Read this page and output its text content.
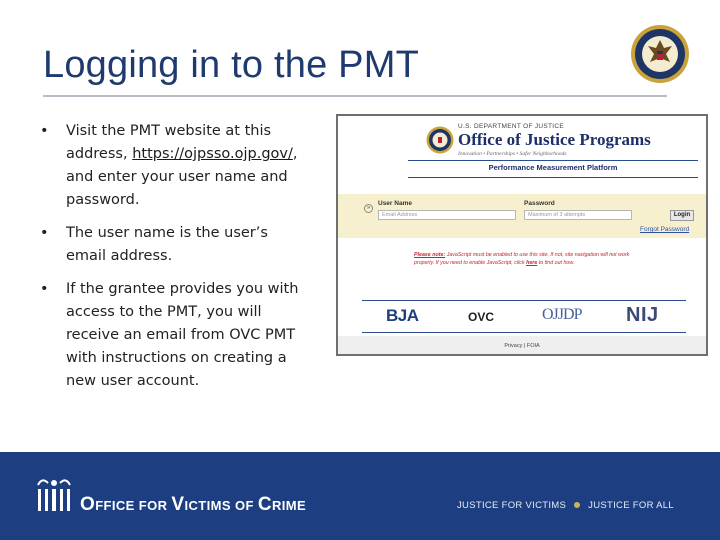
Logging in to the PMT
• Visit the PMT website at this address, https://ojpsso.ojp.gov/, and enter your user name and password.
• The user name is the user’s email address.
• If the grantee provides you with access to the PMT, you will receive an email from OVC PMT with instructions on creating a new user account.
U.S. DEPARTMENT OF JUSTICE
Office of Justice Programs
Innovation • Partnerships • Safer Neighborhoods
Performance Measurement Platform
»
User Name
Email Address
Password
Maximum of 3 attempts	Login
Forgot Password
Please note: JavaScript must be enabled to use this site. If not, site navigation will not work properly. If you need to enable JavaScript, click here to find out how.
BJA	OVC	OJJDP NIJ
Privacy | FOIA
OFFICE FOR VICTIMS OF CRIME	JUSTICE FOR VICTIMS JUSTICE FOR ALL
